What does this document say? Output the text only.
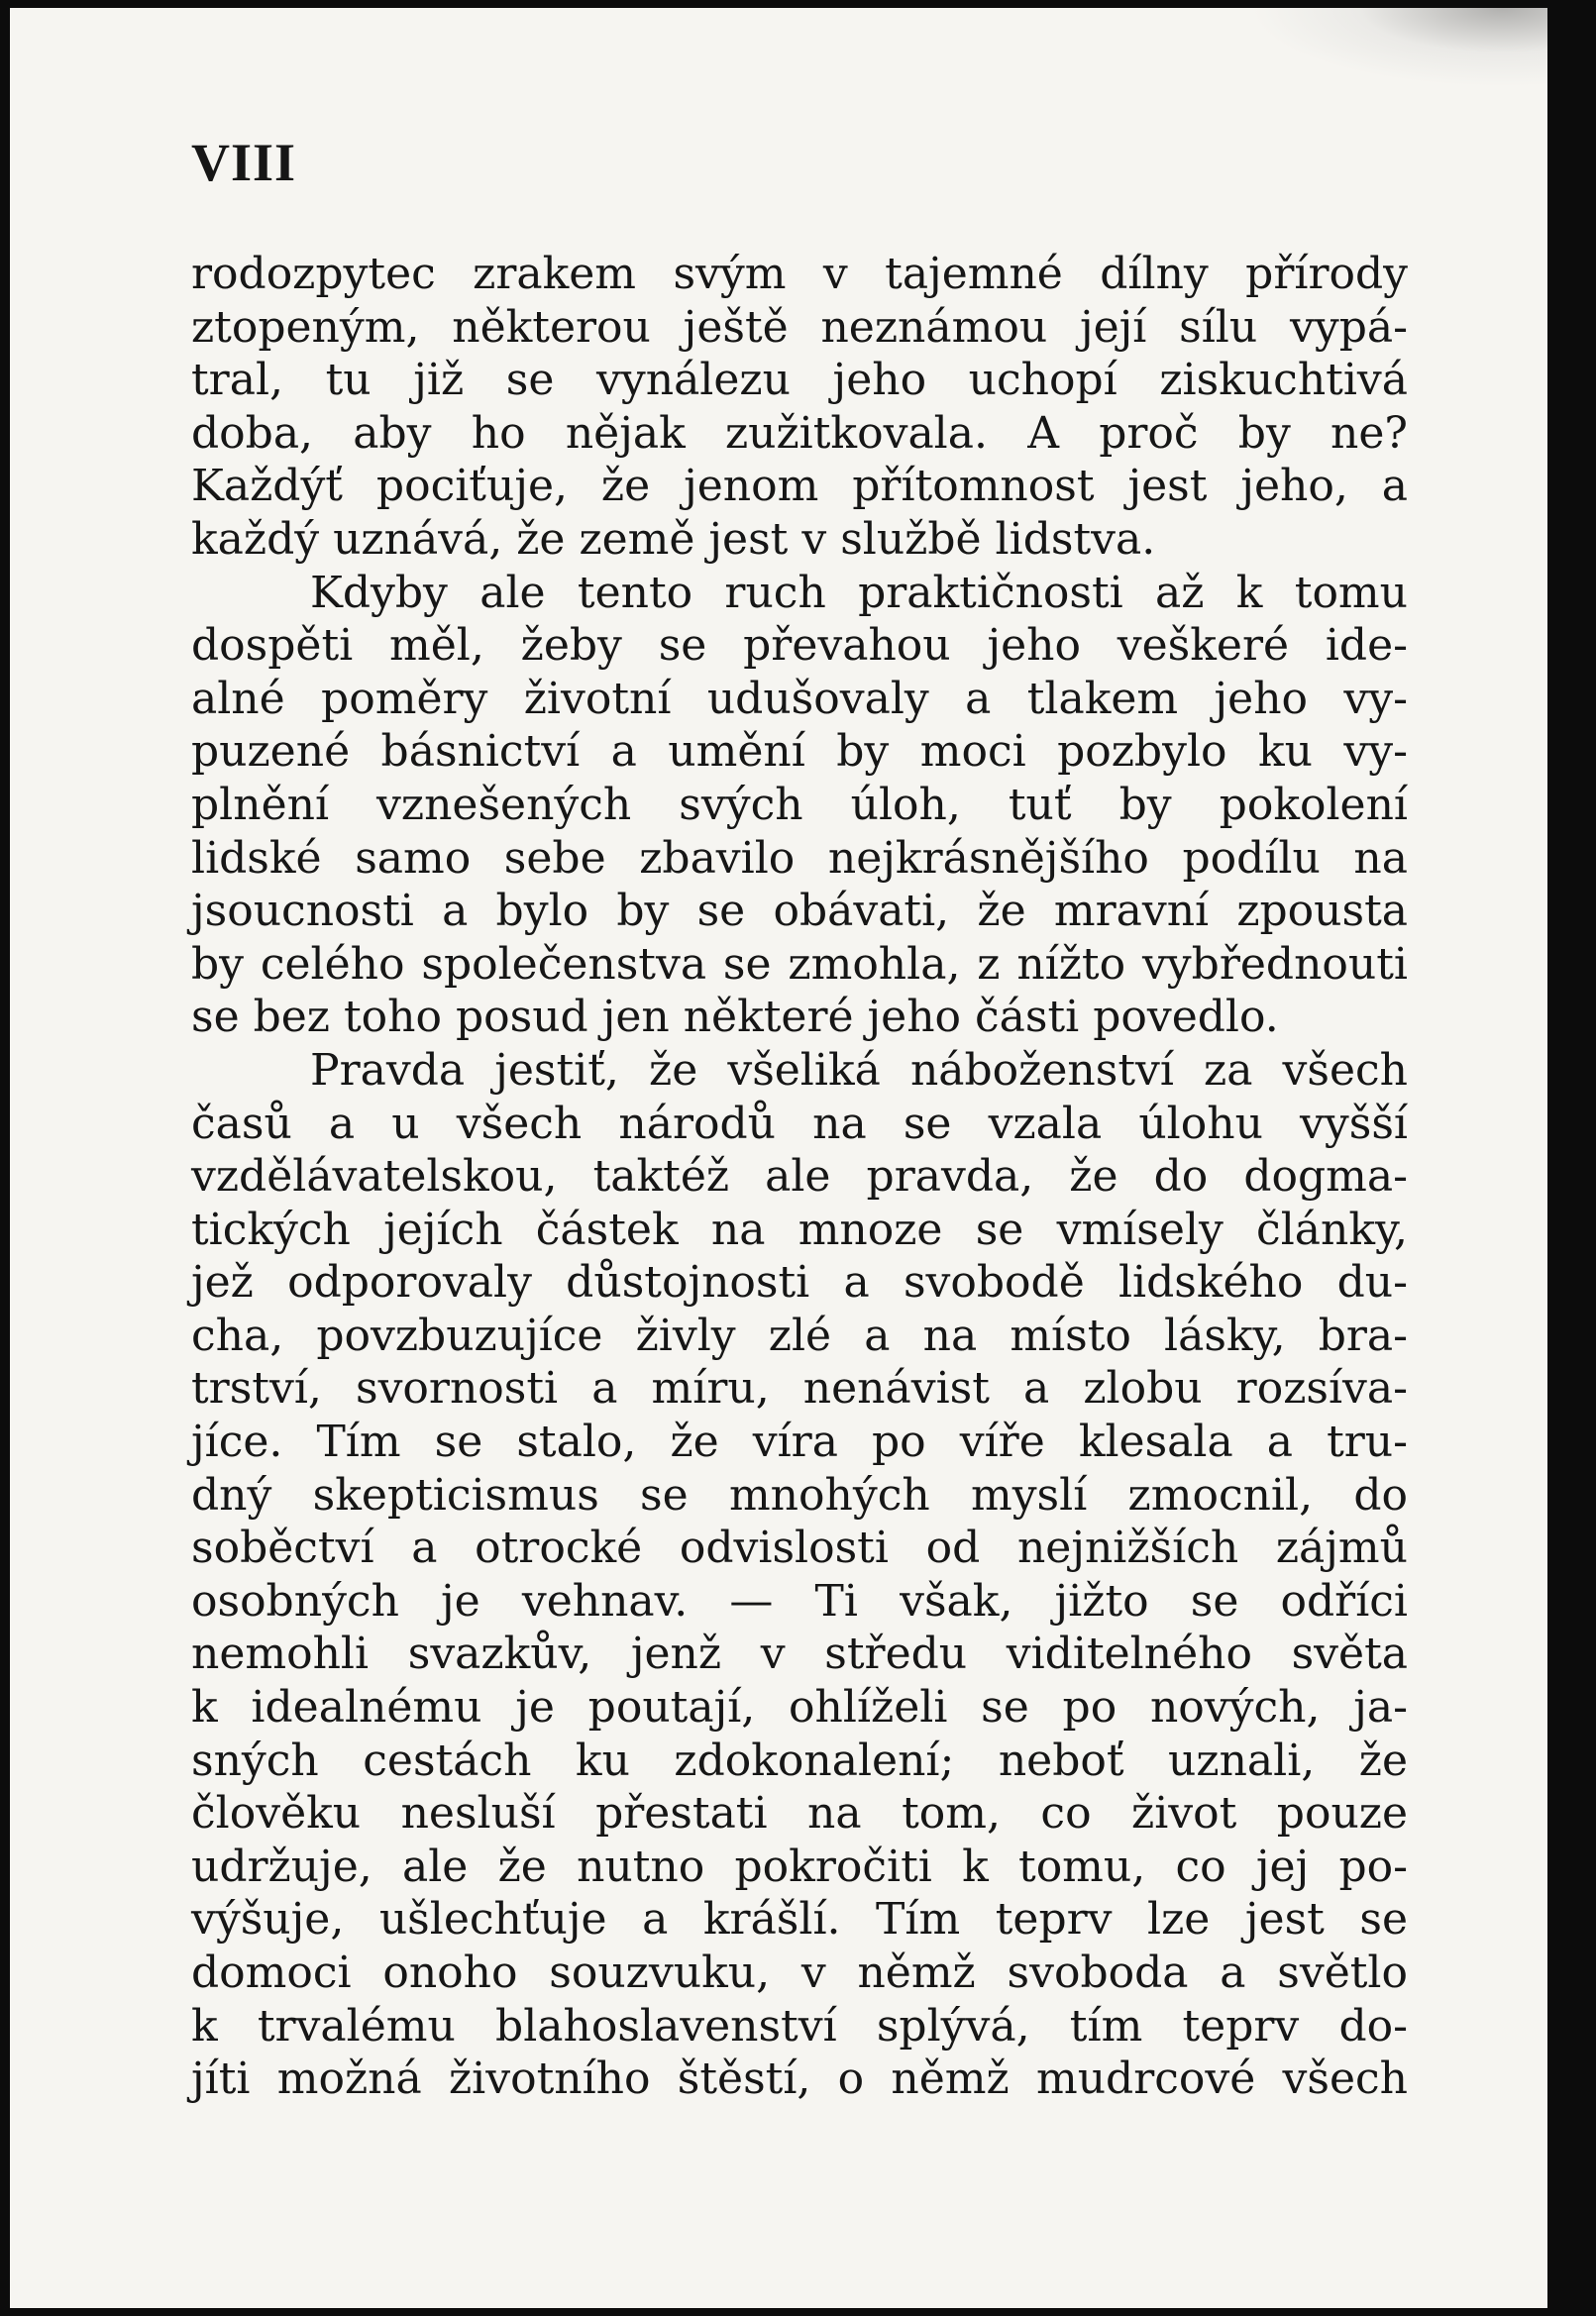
VIII
rodozpytec zrakem svým v tajemné dílny přírody
ztopeným, některou ještě neznámou její sílu vypá-
tral, tu již se vynálezu jeho uchopí ziskuchtivá
doba, aby ho nějak zužitkovala. A proč by ne?
Každýť pociťuje, že jenom přítomnost jest jeho, a
každý uznává, že země jest v službě lidstva.
Kdyby ale tento ruch praktičnosti až k tomu
dospěti měl, žeby se převahou jeho veškeré ide-
alné poměry životní udušovaly a tlakem jeho vy-
puzené básnictví a umění by moci pozbylo ku vy-
plnění vznešených svých úloh, tuť by pokolení
lidské samo sebe zbavilo nejkrásnějšího podílu na
jsoucnosti a bylo by se obávati, že mravní zpousta
by celého společenstva se zmohla, z nížto vybřednouti
se bez toho posud jen některé jeho části povedlo.
Pravda jestiť, že všeliká náboženství za všech
časů a u všech národů na se vzala úlohu vyšší
vzdělávatelskou, taktéž ale pravda, že do dogma-
tických jejích částek na mnoze se vmísely články,
jež odporovaly důstojnosti a svobodě lidského du-
cha, povzbuzujíce živly zlé a na místo lásky, bra-
trství, svornosti a míru, nenávist a zlobu rozsíva-
jíce. Tím se stalo, že víra po víře klesala a tru-
dný skepticismus se mnohých myslí zmocnil, do
soběctví a otrocké odvislosti od nejnižších zájmů
osobných je vehnav. — Ti však, jižto se odříci
nemohli svazkův, jenž v středu viditelného světa
k idealnému je poutají, ohlíželi se po nových, ja-
sných cestách ku zdokonalení; neboť uznali, že
člověku nesluší přestati na tom, co život pouze
udržuje, ale že nutno pokročiti k tomu, co jej po-
výšuje, ušlechťuje a krášlí. Tím teprv lze jest se
domoci onoho souzvuku, v němž svoboda a světlo
k trvalému blahoslavenství splývá, tím teprv do-
jíti možná životního štěstí, o němž mudrcové všech
